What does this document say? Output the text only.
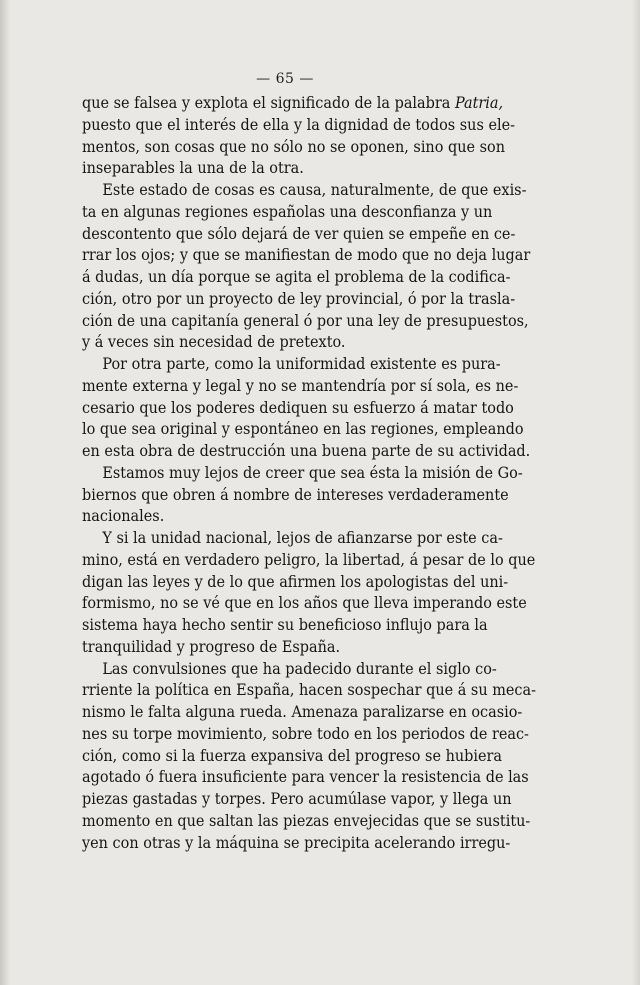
— 65 —
que se falsea y explota el significado de la palabra Patria,
puesto que el interés de ella y la dignidad de todos sus ele-
mentos, son cosas que no sólo no se oponen, sino que son
inseparables la una de la otra.
Este estado de cosas es causa, naturalmente, de que exis-
ta en algunas regiones españolas una desconfianza y un
descontento que sólo dejará de ver quien se empeñe en ce-
rrar los ojos; y que se manifiestan de modo que no deja lugar
á dudas, un día porque se agita el problema de la codifica-
ción, otro por un proyecto de ley provincial, ó por la trasla-
ción de una capitanía general ó por una ley de presupuestos,
y á veces sin necesidad de pretexto.
Por otra parte, como la uniformidad existente es pura-
mente externa y legal y no se mantendría por sí sola, es ne-
cesario que los poderes dediquen su esfuerzo á matar todo
lo que sea original y espontáneo en las regiones, empleando
en esta obra de destrucción una buena parte de su actividad.
Estamos muy lejos de creer que sea ésta la misión de Go-
biernos que obren á nombre de intereses verdaderamente
nacionales.
Y si la unidad nacional, lejos de afianzarse por este ca-
mino, está en verdadero peligro, la libertad, á pesar de lo que
digan las leyes y de lo que afirmen los apologistas del uni-
formismo, no se vé que en los años que lleva imperando este
sistema haya hecho sentir su beneficioso influjo para la
tranquilidad y progreso de España.
Las convulsiones que ha padecido durante el siglo co-
rriente la política en España, hacen sospechar que á su meca-
nismo le falta alguna rueda. Amenaza paralizarse en ocasio-
nes su torpe movimiento, sobre todo en los periodos de reac-
ción, como si la fuerza expansiva del progreso se hubiera
agotado ó fuera insuficiente para vencer la resistencia de las
piezas gastadas y torpes. Pero acumúlase vapor, y llega un
momento en que saltan las piezas envejecidas que se sustitu-
yen con otras y la máquina se precipita acelerando irregu-
